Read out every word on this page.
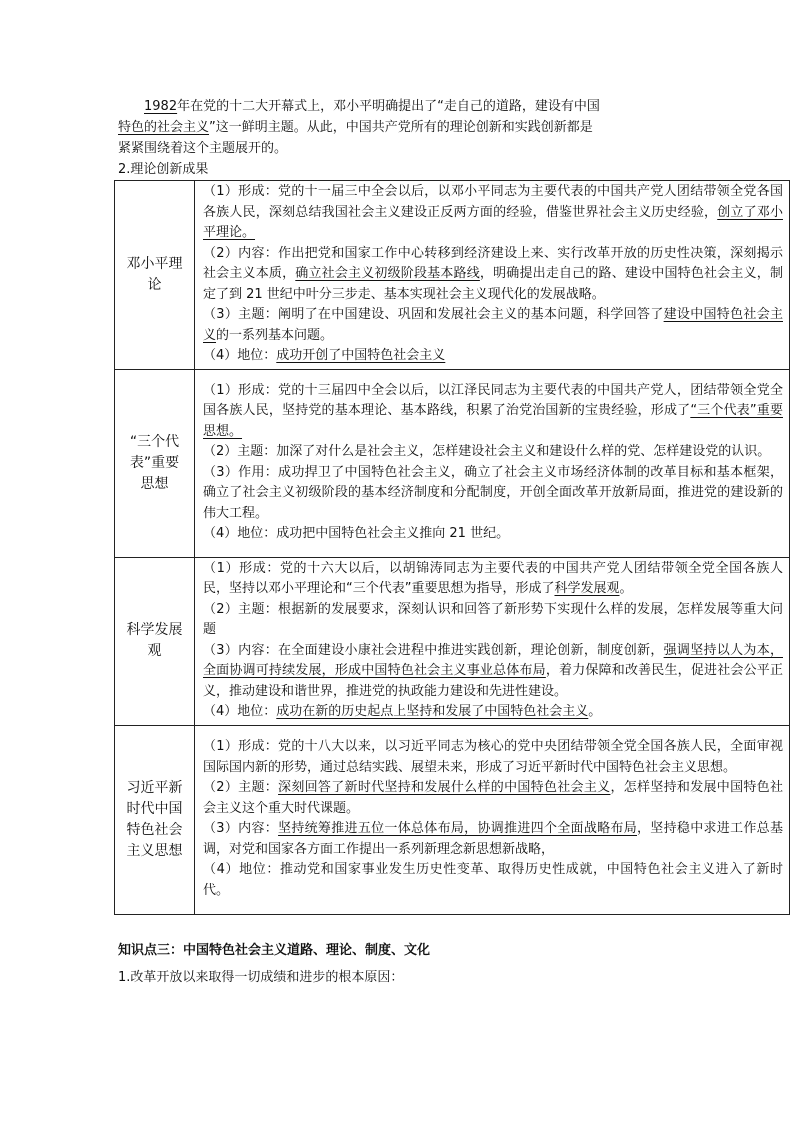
1982年在党的十二大开幕式上，邓小平明确提出了“走自己的道路，建设有中国

特色的社会主义”这一鲜明主题。从此，中国共产党所有的理论创新和实践创新都是

紧紧围绕着这个主题展开的。

2.理论创新成果
邓小平理论	（1）形成：党的十一届三中全会以后，以邓小平同志为主要代表的中国共产党人团结带领全党各国各族人民，深刻总结我国社会主义建设正反两方面的经验，借鉴世界社会主义历史经验，创立了邓小平理论。

（2）内容：作出把党和国家工作中心转移到经济建设上来、实行改革开放的历史性决策，深刻揭示社会主义本质，确立社会主义初级阶段基本路线，明确提出走自己的路、建设中国特色社会主义，制定了到 21 世纪中叶分三步走、基本实现社会主义现代化的发展战略。

（3）主题：阐明了在中国建设、巩固和发展社会主义的基本问题，科学回答了建设中国特色社会主义的一系列基本问题。

（4）地位：成功开创了中国特色社会主义

“三个代表”重要思想	（1）形成：党的十三届四中全会以后，以江泽民同志为主要代表的中国共产党人，团结带领全党全国各族人民，坚持党的基本理论、基本路线，积累了治党治国新的宝贵经验，形成了“三个代表”重要思想。

（2）主题：加深了对什么是社会主义，怎样建设社会主义和建设什么样的党、怎样建设党的认识。

（3）作用：成功捍卫了中国特色社会主义，确立了社会主义市场经济体制的改革目标和基本框架，确立了社会主义初级阶段的基本经济制度和分配制度，开创全面改革开放新局面，推进党的建设新的伟大工程。

（4）地位：成功把中国特色社会主义推向 21 世纪。

科学发展观	（1）形成：党的十六大以后，以胡锦涛同志为主要代表的中国共产党人团结带领全党全国各族人民，坚持以邓小平理论和“三个代表”重要思想为指导，形成了科学发展观。

（2）主题：根据新的发展要求，深刻认识和回答了新形势下实现什么样的发展，怎样发展等重大问题

（3）内容：在全面建设小康社会进程中推进实践创新，理论创新，制度创新，强调坚持以人为本，全面协调可持续发展，形成中国特色社会主义事业总体布局，着力保障和改善民生，促进社会公平正义，推动建设和谐世界，推进党的执政能力建设和先进性建设。

（4）地位：成功在新的历史起点上坚持和发展了中国特色社会主义。

习近平新时代中国特色社会主义思想	（1）形成：党的十八大以来，以习近平同志为核心的党中央团结带领全党全国各族人民，全面审视国际国内新的形势，通过总结实践、展望未来，形成了习近平新时代中国特色社会主义思想。

（2）主题：深刻回答了新时代坚持和发展什么样的中国特色社会主义，怎样坚持和发展中国特色社会主义这个重大时代课题。

（3）内容：坚持统筹推进五位一体总体布局，协调推进四个全面战略布局，坚持稳中求进工作总基调，对党和国家各方面工作提出一系列新理念新思想新战略，

（4）地位：推动党和国家事业发生历史性变革、取得历史性成就，中国特色社会主义进入了新时代。

知识点三：中国特色社会主义道路、理论、制度、文化
1.改革开放以来取得一切成绩和进步的根本原因：
